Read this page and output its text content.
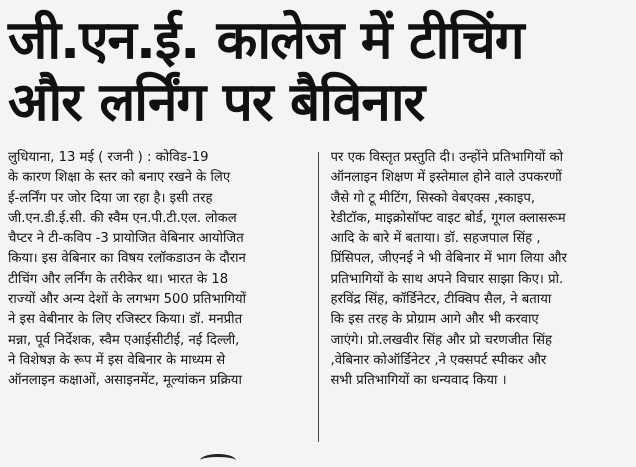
जी.एन.ई. कालेज में टीचिंग
और लर्निंग पर बैविनार

लुधियाना, 13 मई ( रजनी ) : कोविड-19
के कारण शिक्षा के स्तर को बनाए रखने के लिए
ई-लर्निंग पर जोर दिया जा रहा है। इसी तरह
जी.एन.डी.ई.सी. की स्वैम एन.पी.टी.एल. लोकल
चैप्टर ने टी-कविप -3 प्रायोजित वेबिनार आयोजित
किया। इस वेबिनार का विषय रलॉकडाउन के दौरान
टीचिंग और लर्निंग के तरीकेर था। भारत के 18
राज्यों और अन्य देशों के लगभग 500 प्रतिभागियों
ने इस वेबीनार के लिए रजिस्टर किया। डॉ. मनप्रीत
मन्ना, पूर्व निर्देशक, स्वैम एआईसीटीई, नई दिल्ली,
ने विशेषज्ञ के रूप में इस वेबिनार के माध्यम से
ऑनलाइन कक्षाओं, असाइनमेंट, मूल्यांकन प्रक्रिया

पर एक विस्तृत प्रस्तुति दी। उन्होंने प्रतिभागियों को
ऑनलाइन शिक्षण में इस्तेमाल होने वाले उपकरणों
जैसे गो टू मीटिंग, सिस्को वेबएक्स ,स्काइप,
रेडीटॉक, माइक्रोसॉफ्ट वाइट बोर्ड, गूगल क्लासरूम
आदि के बारे में बताया। डॉ. सहजपाल सिंह ,
प्रिंसिपल, जीएनई ने भी वेबिनार में भाग लिया और
प्रतिभागियों के साथ अपने विचार साझा किए। प्रो.
हरविंद्र सिंह, कॉर्डिनेटर, टीक्विप सैल, ने बताया
कि इस तरह के प्रोग्राम आगे और भी करवाए
जाएंगे। प्रो.लखवीर सिंह और प्रो चरणजीत सिंह
,वेबिनार कोऑर्डिनेटर ,ने एक्सपर्ट स्पीकर और
सभी प्रतिभागियों का धन्यवाद किया ।
